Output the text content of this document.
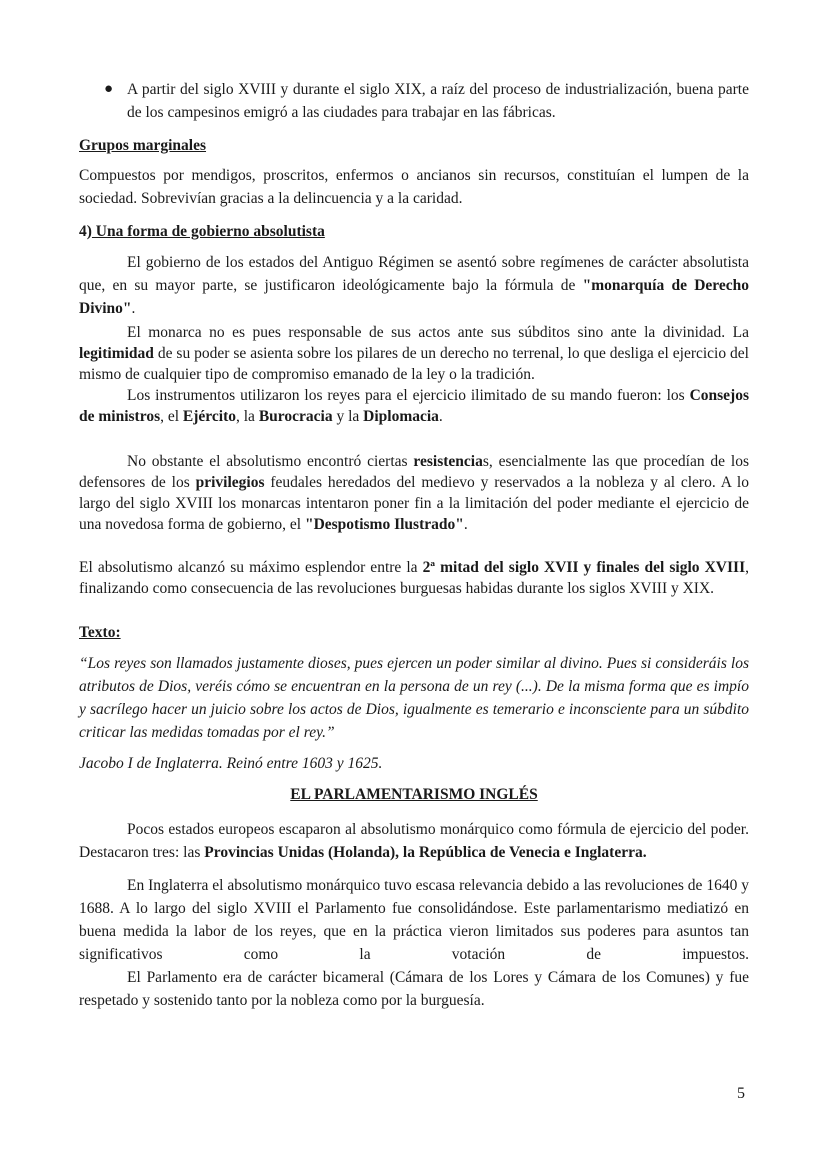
● A partir del siglo XVIII y durante el siglo XIX, a raíz del proceso de industrialización, buena parte de los campesinos emigró a las ciudades para trabajar en las fábricas.

Grupos marginales

Compuestos por mendigos, proscritos, enfermos o ancianos sin recursos, constituían el lumpen de la sociedad. Sobrevivían gracias a la delincuencia y a la caridad.

4) Una forma de gobierno absolutista

El gobierno de los estados del Antiguo Régimen se asentó sobre regímenes de carácter absolutista que, en su mayor parte, se justificaron ideológicamente bajo la fórmula de "monarquía de Derecho Divino".

El monarca no es pues responsable de sus actos ante sus súbditos sino ante la divinidad. La legitimidad de su poder se asienta sobre los pilares de un derecho no terrenal, lo que desliga el ejercicio del mismo de cualquier tipo de compromiso emanado de la ley o la tradición.

Los instrumentos utilizaron los reyes para el ejercicio ilimitado de su mando fueron: los Consejos de ministros, el Ejército, la Burocracia y la Diplomacia.

No obstante el absolutismo encontró ciertas resistencias, esencialmente las que procedían de los defensores de los privilegios feudales heredados del medievo y reservados a la nobleza y al clero. A lo largo del siglo XVIII los monarcas intentaron poner fin a la limitación del poder mediante el ejercicio de una novedosa forma de gobierno, el "Despotismo Ilustrado".

El absolutismo alcanzó su máximo esplendor entre la 2ª mitad del siglo XVII y finales del siglo XVIII, finalizando como consecuencia de las revoluciones burguesas habidas durante los siglos XVIII y XIX.

Texto:

“Los reyes son llamados justamente dioses, pues ejercen un poder similar al divino. Pues si consideráis los atributos de Dios, veréis cómo se encuentran en la persona de un rey (...). De la misma forma que es impío y sacrílego hacer un juicio sobre los actos de Dios, igualmente es temerario e inconsciente para un súbdito criticar las medidas tomadas por el rey.”

Jacobo I de Inglaterra. Reinó entre 1603 y 1625.

EL PARLAMENTARISMO INGLÉS

Pocos estados europeos escaparon al absolutismo monárquico como fórmula de ejercicio del poder. Destacaron tres: las Provincias Unidas (Holanda), la República de Venecia e Inglaterra.

En Inglaterra el absolutismo monárquico tuvo escasa relevancia debido a las revoluciones de 1640 y 1688. A lo largo del siglo XVIII el Parlamento fue consolidándose. Este parlamentarismo mediatizó en buena medida la labor de los reyes, que en la práctica vieron limitados sus poderes para asuntos tan significativos como la votación de impuestos.

El Parlamento era de carácter bicameral (Cámara de los Lores y Cámara de los Comunes) y fue respetado y sostenido tanto por la nobleza como por la burguesía.

5
